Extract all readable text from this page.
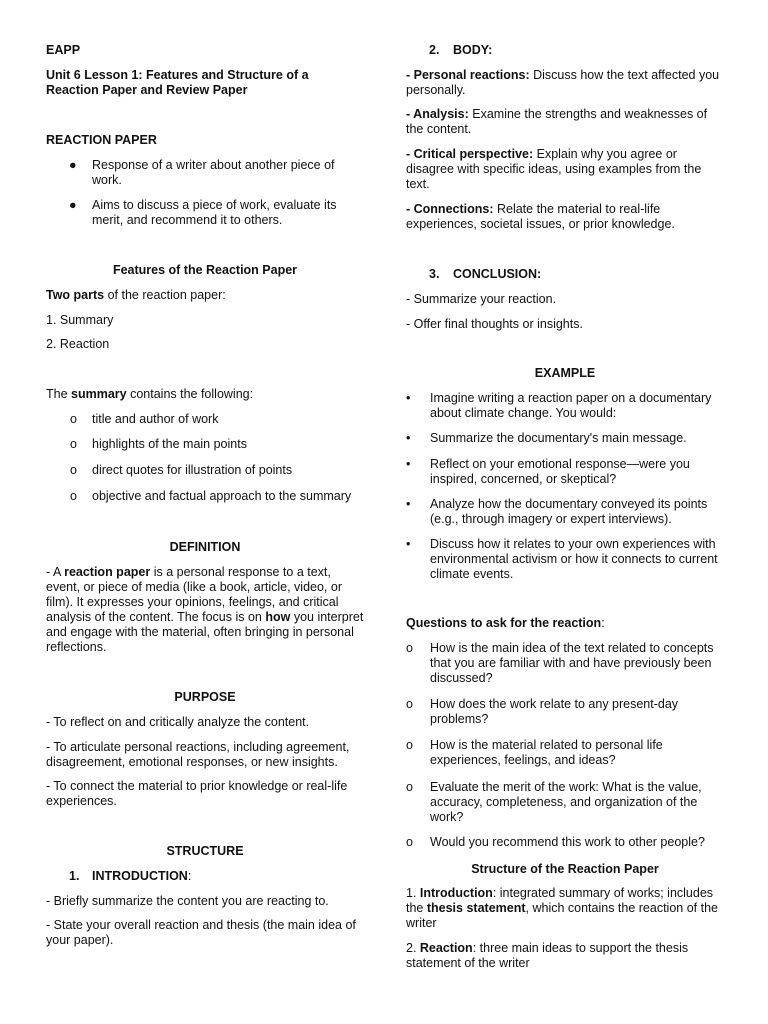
EAPP
Unit 6 Lesson 1: Features and Structure of a Reaction Paper and Review Paper
REACTION PAPER
● Response of a writer about another piece of work.
● Aims to discuss a piece of work, evaluate its merit, and recommend it to others.
Features of the Reaction Paper
Two parts of the reaction paper:
1. Summary
2. Reaction
The summary contains the following:
o title and author of work
o highlights of the main points
o direct quotes for illustration of points
o objective and factual approach to the summary
DEFINITION
- A reaction paper is a personal response to a text, event, or piece of media (like a book, article, video, or film). It expresses your opinions, feelings, and critical analysis of the content. The focus is on how you interpret and engage with the material, often bringing in personal reflections.
PURPOSE
- To reflect on and critically analyze the content.
- To articulate personal reactions, including agreement, disagreement, emotional responses, or new insights.
- To connect the material to prior knowledge or real-life experiences.
STRUCTURE
1. INTRODUCTION:
- Briefly summarize the content you are reacting to.
- State your overall reaction and thesis (the main idea of your paper).
2. BODY:
- Personal reactions: Discuss how the text affected you personally.
- Analysis: Examine the strengths and weaknesses of the content.
- Critical perspective: Explain why you agree or disagree with specific ideas, using examples from the text.
- Connections: Relate the material to real-life experiences, societal issues, or prior knowledge.
3. CONCLUSION:
- Summarize your reaction.
- Offer final thoughts or insights.
EXAMPLE
• Imagine writing a reaction paper on a documentary about climate change. You would:
• Summarize the documentary's main message.
• Reflect on your emotional response—were you inspired, concerned, or skeptical?
• Analyze how the documentary conveyed its points (e.g., through imagery or expert interviews).
• Discuss how it relates to your own experiences with environmental activism or how it connects to current climate events.
Questions to ask for the reaction:
o How is the main idea of the text related to concepts that you are familiar with and have previously been discussed?
o How does the work relate to any present-day problems?
o How is the material related to personal life experiences, feelings, and ideas?
o Evaluate the merit of the work: What is the value, accuracy, completeness, and organization of the work?
o Would you recommend this work to other people?
Structure of the Reaction Paper
1. Introduction: integrated summary of works; includes the thesis statement, which contains the reaction of the writer
2. Reaction: three main ideas to support the thesis statement of the writer
